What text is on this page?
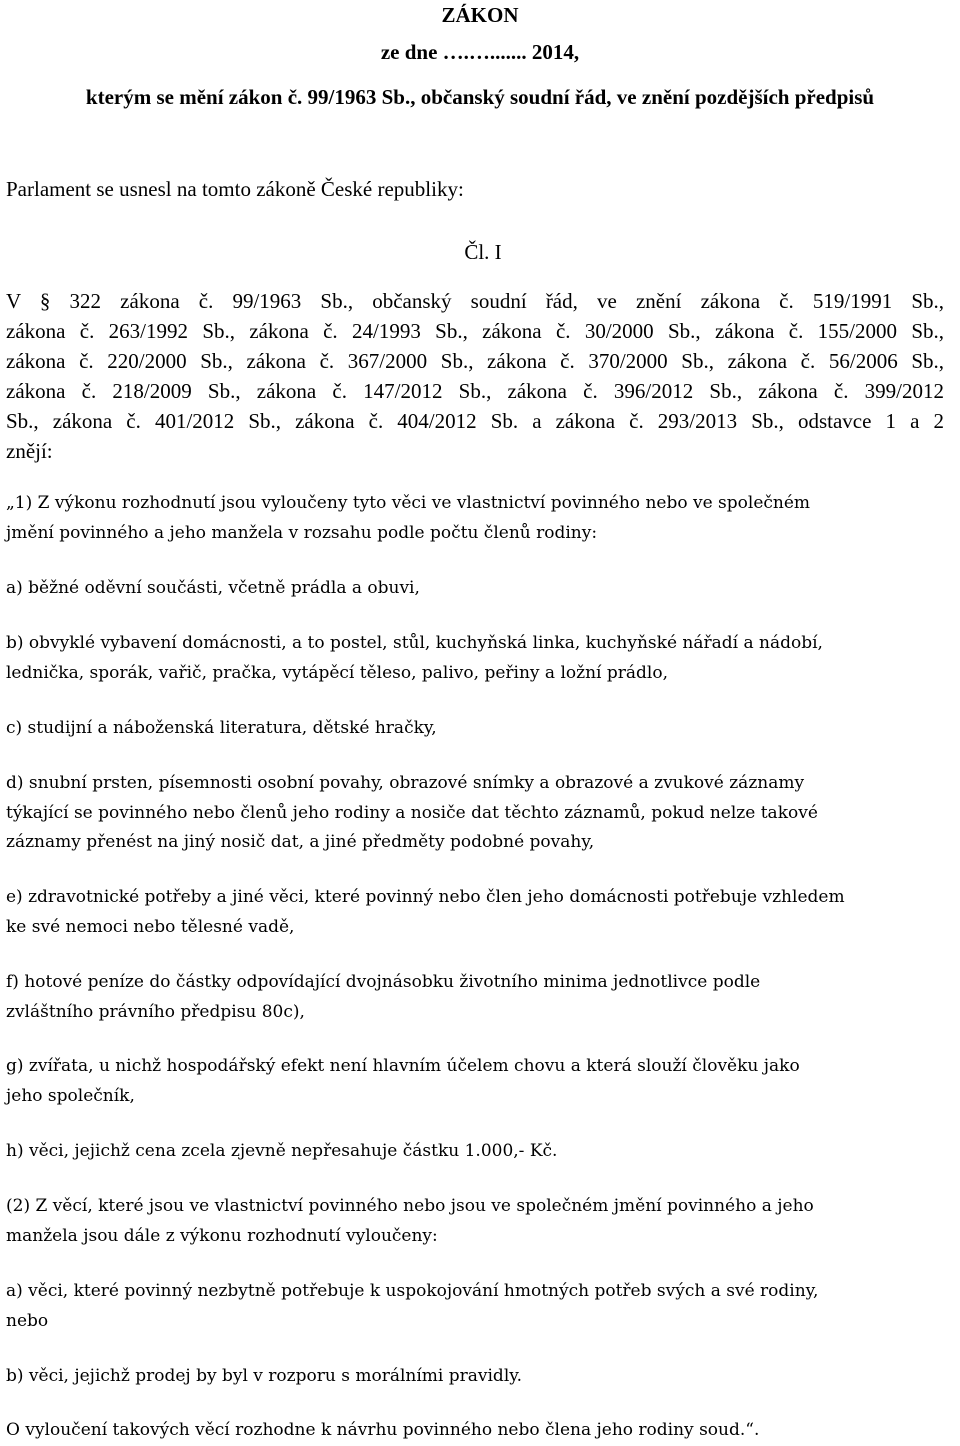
ZÁKON
ze dne ….…....... 2014,
kterým se mění zákon č. 99/1963 Sb., občanský soudní řád, ve znění pozdějších předpisů
Parlament se usnesl na tomto zákoně České republiky:
Čl. I
V § 322 zákona č. 99/1963 Sb., občanský soudní řád, ve znění zákona č. 519/1991 Sb.,
zákona č. 263/1992 Sb., zákona č. 24/1993 Sb., zákona č. 30/2000 Sb., zákona č. 155/2000 Sb.,
zákona č. 220/2000 Sb., zákona č. 367/2000 Sb., zákona č. 370/2000 Sb., zákona č. 56/2006 Sb.,
zákona č. 218/2009 Sb., zákona č. 147/2012 Sb., zákona č. 396/2012 Sb., zákona č. 399/2012
Sb., zákona č. 401/2012 Sb., zákona č. 404/2012 Sb. a zákona č. 293/2013 Sb., odstavce 1 a 2
znějí:
„1) Z výkonu rozhodnutí jsou vyloučeny tyto věci ve vlastnictví povinného nebo ve společném
jmění povinného a jeho manžela v rozsahu podle počtu členů rodiny:
a) běžné oděvní součásti, včetně prádla a obuvi,
b) obvyklé vybavení domácnosti, a to postel, stůl, kuchyňská linka, kuchyňské nářadí a nádobí,
lednička, sporák, vařič, pračka, vytápěcí těleso, palivo, peřiny a ložní prádlo,
c) studijní a náboženská literatura, dětské hračky,
d) snubní prsten, písemnosti osobní povahy, obrazové snímky a obrazové a zvukové záznamy
týkající se povinného nebo členů jeho rodiny a nosiče dat těchto záznamů, pokud nelze takové
záznamy přenést na jiný nosič dat, a jiné předměty podobné povahy,
e) zdravotnické potřeby a jiné věci, které povinný nebo člen jeho domácnosti potřebuje vzhledem
ke své nemoci nebo tělesné vadě,
f) hotové peníze do částky odpovídající dvojnásobku životního minima jednotlivce podle
zvláštního právního předpisu 80c),
g) zvířata, u nichž hospodářský efekt není hlavním účelem chovu a která slouží člověku jako
jeho společník,
h) věci, jejichž cena zcela zjevně nepřesahuje částku 1.000,- Kč.
(2) Z věcí, které jsou ve vlastnictví povinného nebo jsou ve společném jmění povinného a jeho
manžela jsou dále z výkonu rozhodnutí vyloučeny:
a) věci, které povinný nezbytně potřebuje k uspokojování hmotných potřeb svých a své rodiny,
nebo
b) věci, jejichž prodej by byl v rozporu s morálními pravidly.
O vyloučení takových věcí rozhodne k návrhu povinného nebo člena jeho rodiny soud.“.
